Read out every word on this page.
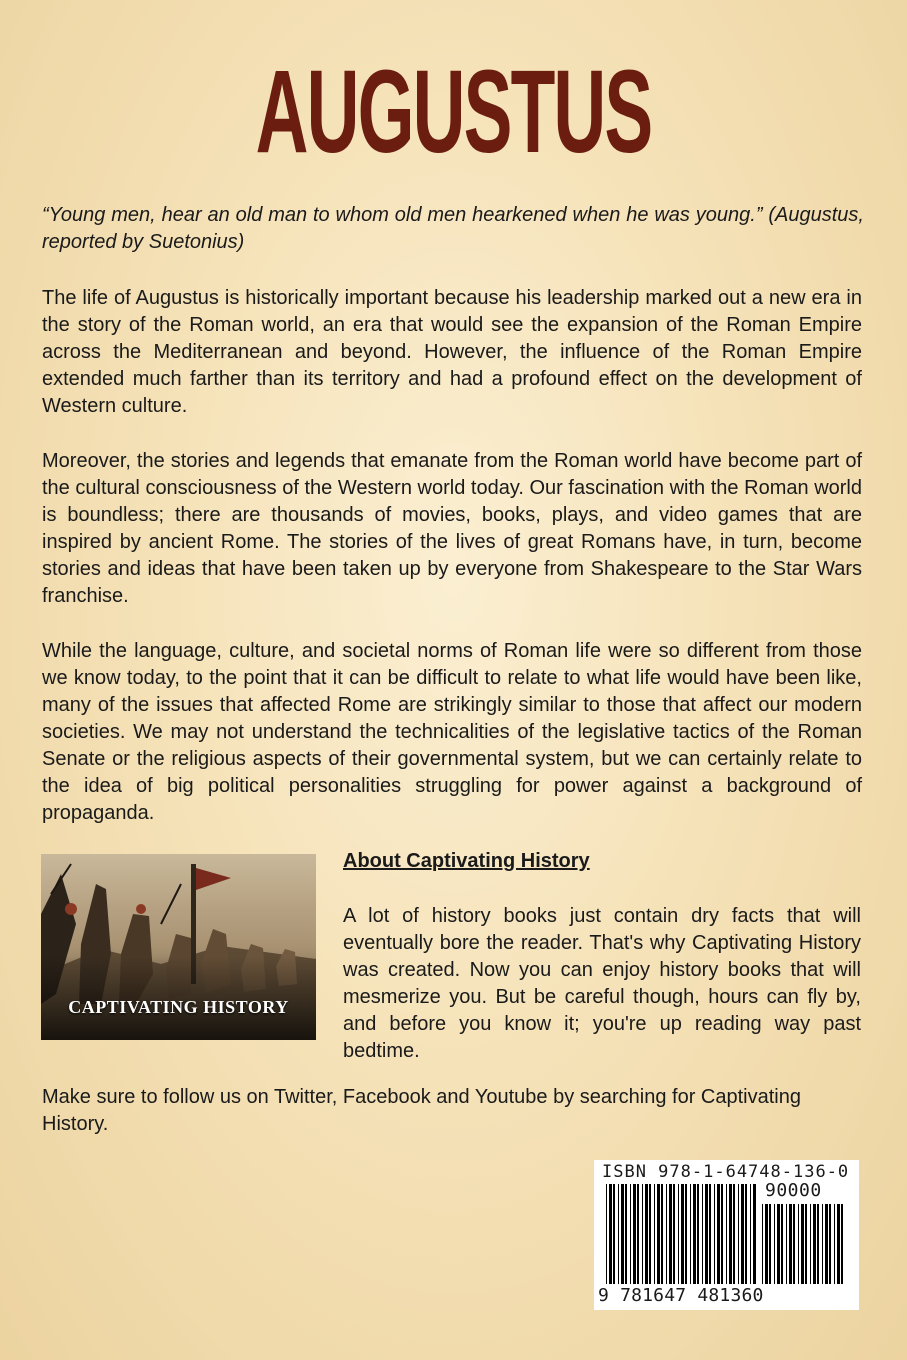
AUGUSTUS
“Young men, hear an old man to whom old men hearkened when he was young.” (Augustus, reported by Suetonius)
The life of Augustus is historically important because his leadership marked out a new era in the story of the Roman world, an era that would see the expansion of the Roman Empire across the Mediterranean and beyond. However, the influence of the Roman Empire extended much farther than its territory and had a profound effect on the development of Western culture.
Moreover, the stories and legends that emanate from the Roman world have become part of the cultural consciousness of the Western world today. Our fascination with the Roman world is boundless; there are thousands of movies, books, plays, and video games that are inspired by ancient Rome. The stories of the lives of great Romans have, in turn, become stories and ideas that have been taken up by everyone from Shakespeare to the Star Wars franchise.
While the language, culture, and societal norms of Roman life were so different from those we know today, to the point that it can be difficult to relate to what life would have been like, many of the issues that affected Rome are strikingly similar to those that affect our modern societies. We may not understand the technicalities of the legislative tactics of the Roman Senate or the religious aspects of their governmental system, but we can certainly relate to the idea of big political personalities struggling for power against a background of propaganda.
CAPTIVATING HISTORY
About Captivating History
A lot of history books just contain dry facts that will eventually bore the reader. That's why Captivating History was created. Now you can enjoy history books that will mesmerize you. But be careful though, hours can fly by, and before you know it; you're up reading way past bedtime.
Make sure to follow us on Twitter, Facebook and Youtube by searching for Captivating History.
ISBN 978-1-64748-136-0
90000
9 781647 481360
